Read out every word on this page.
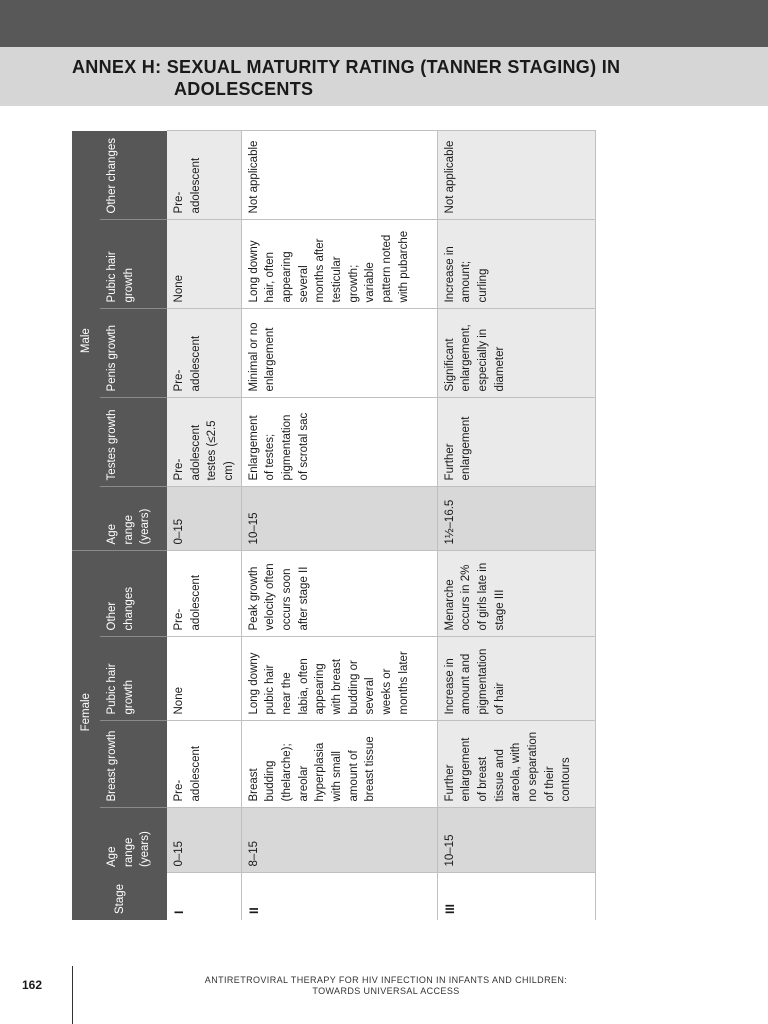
ANNEX H: SEXUAL MATURITY RATING (TANNER STAGING) IN
ADOLESCENTS
Stage	Female				Male				
	Age range (years)	Breast growth	Pubic hair growth	Other changes	Age range (years)	Testes growth	Penis growth	Pubic hair growth	Other changes
I	0–15	Pre-adolescent	None	Pre-adolescent	0–15	Pre-adolescent testes (≤2.5 cm)	Pre-adolescent	None	Pre-adolescent
II	8–15	Breast budding (thelarche); areolar hyperplasia with small amount of breast tissue	Long downy pubic hair near the labia, often appearing with breast budding or several weeks or months later	Peak growth velocity often occurs soon after stage II	10–15	Enlargement of testes; pigmentation of scrotal sac	Minimal or no enlargement	Long downy hair, often appearing several months after testicular growth; variable pattern noted with pubarche	Not applicable
III	10–15	Further enlargement of breast tissue and areola, with no separation of their contours	Increase in amount and pigmentation of hair	Menarche occurs in 2% of girls late in stage III	1½–16.5	Further enlargement	Significant enlargement, especially in diameter	Increase in amount; curling	Not applicable
162	ANTIRETROVIRAL THERAPY FOR HIV INFECTION IN INFANTS AND CHILDREN:
TOWARDS UNIVERSAL ACCESS
